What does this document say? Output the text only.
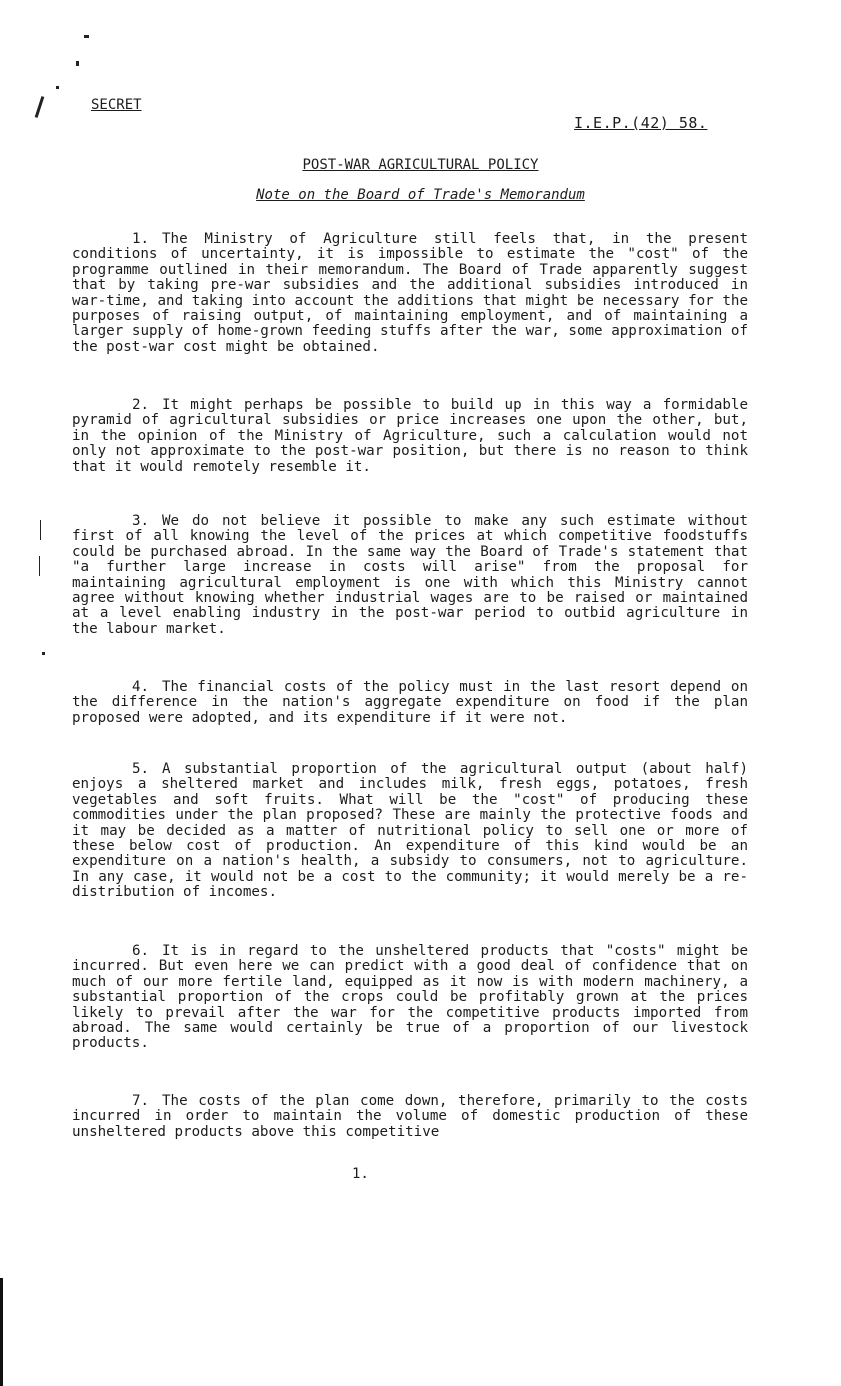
SECRET
I.E.P.(42) 58.
POST-WAR AGRICULTURAL POLICY
Note on the Board of Trade's Memorandum
1. The Ministry of Agriculture still feels that, in the present conditions of uncertainty, it is impossible to estimate the "cost" of the programme outlined in their memorandum. The Board of Trade apparently suggest that by taking pre-war subsidies and the additional subsidies introduced in war-time, and taking into account the additions that might be necessary for the purposes of raising output, of maintaining employment, and of maintaining a larger supply of home-grown feeding stuffs after the war, some approximation of the post-war cost might be obtained.
2. It might perhaps be possible to build up in this way a formidable pyramid of agricultural subsidies or price increases one upon the other, but, in the opinion of the Ministry of Agriculture, such a calculation would not only not approximate to the post-war position, but there is no reason to think that it would remotely resemble it.
3. We do not believe it possible to make any such estimate without first of all knowing the level of the prices at which competitive foodstuffs could be purchased abroad. In the same way the Board of Trade's statement that "a further large increase in costs will arise" from the proposal for maintaining agricultural employment is one with which this Ministry cannot agree without knowing whether industrial wages are to be raised or maintained at a level enabling industry in the post-war period to outbid agriculture in the labour market.
4. The financial costs of the policy must in the last resort depend on the difference in the nation's aggregate expenditure on food if the plan proposed were adopted, and its expenditure if it were not.
5. A substantial proportion of the agricultural output (about half) enjoys a sheltered market and includes milk, fresh eggs, potatoes, fresh vegetables and soft fruits. What will be the "cost" of producing these commodities under the plan proposed? These are mainly the protective foods and it may be decided as a matter of nutritional policy to sell one or more of these below cost of production. An expenditure of this kind would be an expenditure on a nation's health, a subsidy to consumers, not to agriculture. In any case, it would not be a cost to the community; it would merely be a re-distribution of incomes.
6. It is in regard to the unsheltered products that "costs" might be incurred. But even here we can predict with a good deal of confidence that on much of our more fertile land, equipped as it now is with modern machinery, a substantial proportion of the crops could be profitably grown at the prices likely to prevail after the war for the competitive products imported from abroad. The same would certainly be true of a proportion of our livestock products.
7. The costs of the plan come down, therefore, primarily to the costs incurred in order to maintain the volume of domestic production of these unsheltered products above this competitive
1.
